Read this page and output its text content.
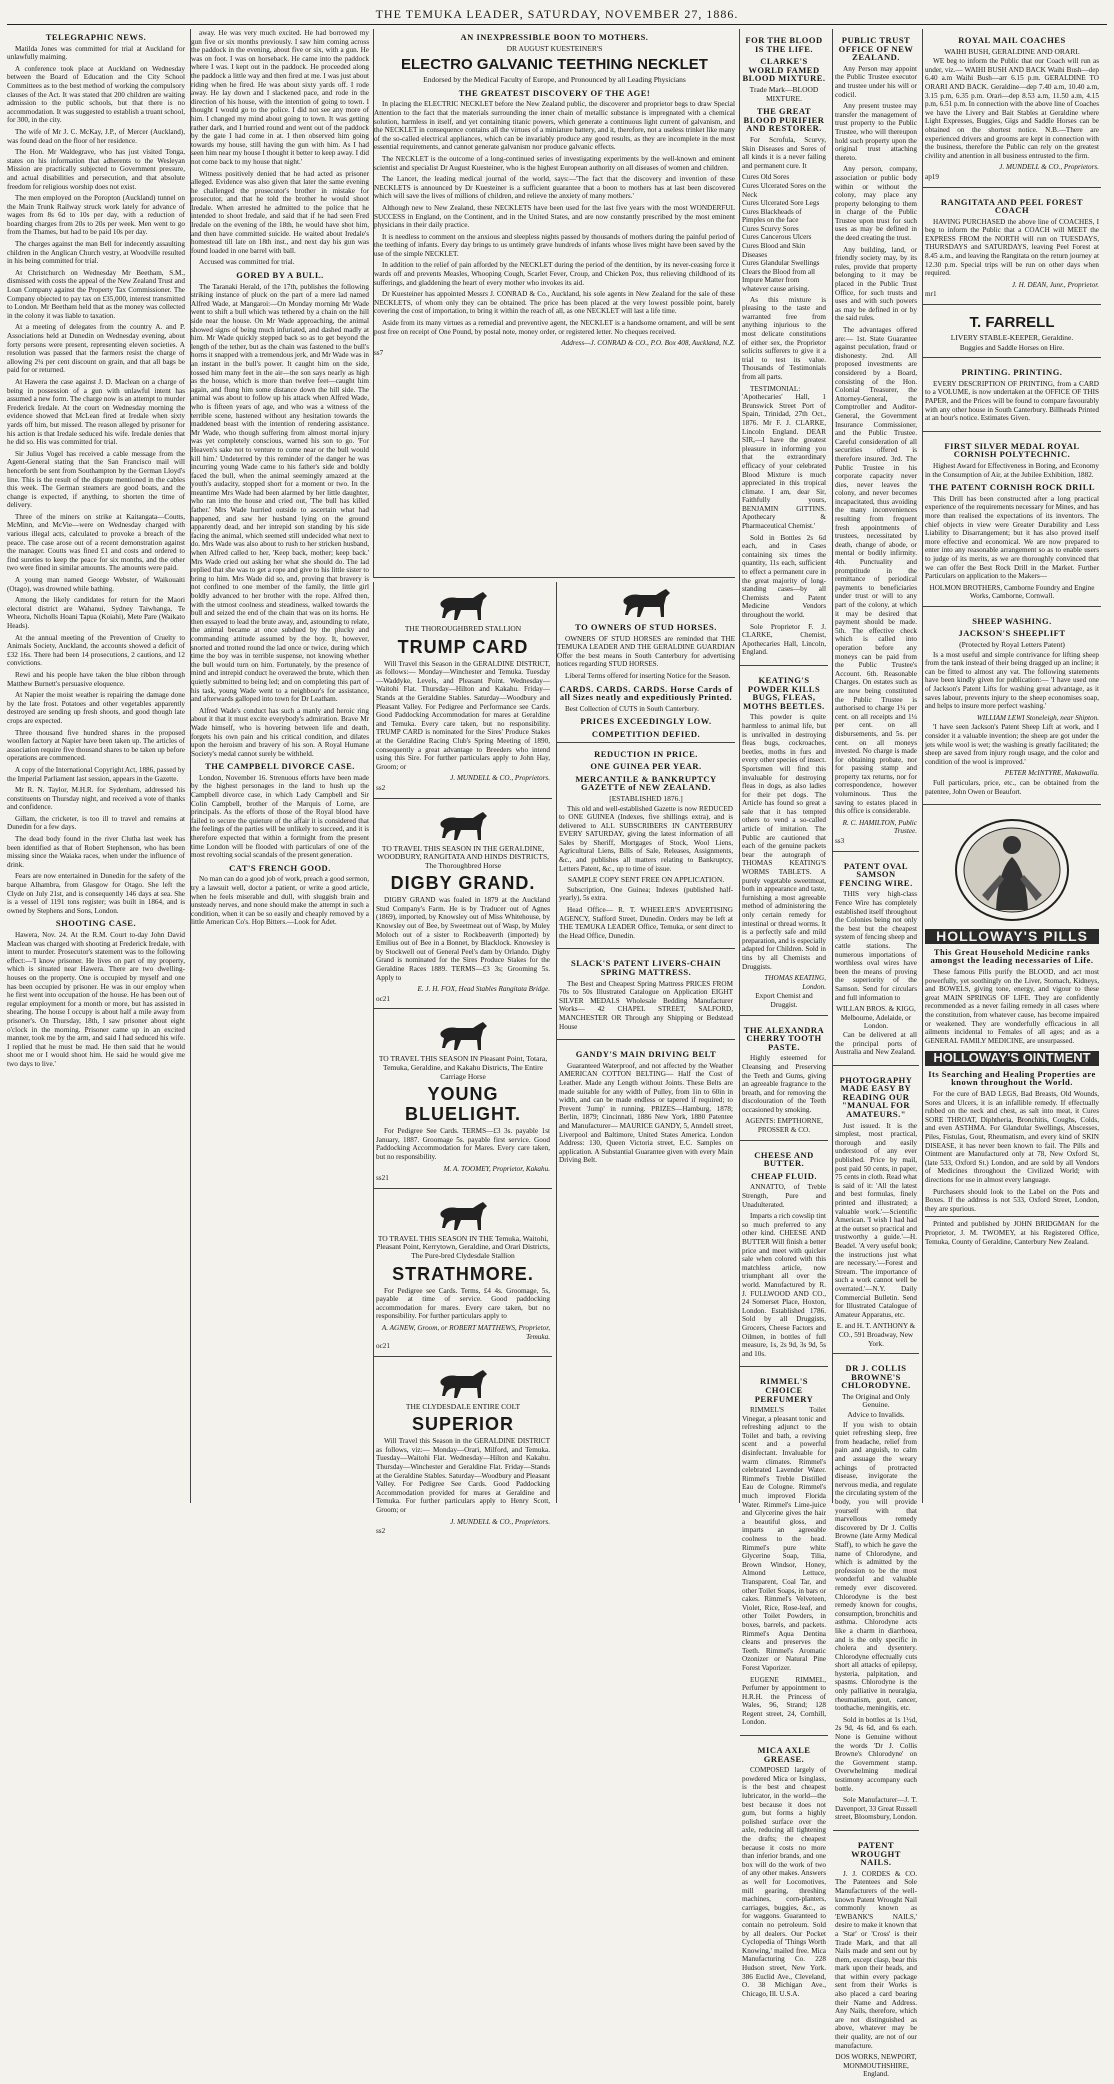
THE TEMUKA LEADER, SATURDAY, NOVEMBER 27, 1886.
TELEGRAPHIC NEWS.

Matilda Jones was committed for trial at Auckland for unlawfully maiming.

A conference took place at Auckland on Wednesday between the Board of Education and the City School Committees as to the best method of working the compulsory clauses of the Act. It was stated that 200 children are waiting admission to the public schools, but that there is no accommodation. It was suggested to establish a truant school, for 300, in the city.

The wife of Mr J. C. McKay, J.P., of Mercer (Auckland), was found dead on the floor of her residence.

The Hon. Mr Waldegrave, who has just visited Tonga, states on his information that adherents to the Wesleyan Mission are practically subjected to Government pressure, and actual disabilities and persecution, and that absolute freedom for religious worship does not exist.

The men employed on the Poropton (Auckland) tunnel on the Main Trunk Railway struck work lately for advance of wages from 8s 6d to 10s per day, with a reduction of boarding charges from 20s to 20s per week. Men went to go from the Thames, but had to be paid 10s per day.

The charges against the man Bell for indecently assaulting children in the Anglican Church vestry, at Woodville resulted in his being committed for trial.

At Christchurch on Wednesday Mr Beetham, S.M., dismissed with costs the appeal of the New Zealand Trust and Loan Company against the Property Tax Commissioner. The Company objected to pay tax on £35,000, interest transmitted to London. Mr Beetham held that as the money was collected in the colony it was liable to taxation.

At a meeting of delegates from the country A. and P. Associations held at Dunedin on Wednesday evening, about forty persons were present, representing eleven societies. A resolution was passed that the farmers resist the charge of allowing 2¼ per cent discount on grain, and that all bags be paid for or returned.

At Hawera the case against J. D. Maclean on a charge of being in possession of a gun with unlawful intent has assumed a new form. The charge now is an attempt to murder Frederick Iredale. At the court on Wednesday morning the evidence showed that McLean fired at Iredale when sixty yards off him, but missed. The reason alleged by prisoner for his action is that Iredale seduced his wife. Iredale denies that he did so. His was committed for trial.

Sir Julius Vogel has received a cable message from the Agent-General stating that the San Francisco mail will henceforth be sent from Southampton by the German Lloyd's line. This is the result of the dispute mentioned in the cables this week. The German steamers are good boats, and the change is expected, if anything, to shorten the time of delivery.

Three of the miners on strike at Kaitangata—Coutts, McMinn, and McVie—were on Wednesday charged with various illegal acts, calculated to provoke a breach of the peace. The case arose out of a recent demonstration against the manager. Coutts was fined £1 and costs and ordered to find sureties to keep the peace for six months, and the other two were fined in similar amounts. The amounts were paid.

A young man named George Webster, of Waikouaiti (Otago), was drowned while bathing.

Among the likely candidates for return for the Maori electoral district are Wahanui, Sydney Taiwhanga, Te Wheora, Nicholls Hoani Tapua (Koiahi), Mete Pare (Waikato Heads).

At the annual meeting of the Prevention of Cruelty to Animals Society, Auckland, the accounts showed a deficit of £32 16s. There had been 14 prosecutions, 2 cautions, and 12 convictions.

Rewi and his people have taken the blue ribbon through Matthew Burnett's persuasive eloquence.

At Napier the moist weather is repairing the damage done by the late frost. Potatoes and other vegetables apparently destroyed are sending up fresh shoots, and good though late crops are expected.

Three thousand five hundred shares in the proposed woollen factory at Napier have been taken up. The articles of association require five thousand shares to be taken up before operations are commenced.

A copy of the International Copyright Act, 1886, passed by the Imperial Parliament last session, appears in the Gazette.

Mr R. N. Taylor, M.H.R. for Sydenham, addressed his constituents on Thursday night, and received a vote of thanks and confidence.

Gillam, the cricketer, is too ill to travel and remains at Dunedin for a few days.

The dead body found in the river Clutha last week has been identified as that of Robert Stephenson, who has been missing since the Waiaka races, when under the influence of drink.

Fears are now entertained in Dunedin for the safety of the barque Alhambra, from Glasgow for Otago. She left the Clyde on July 21st, and is consequently 146 days at sea. She is a vessel of 1191 tons register; was built in 1864, and is owned by Stephens and Sons, London.

SHOOTING CASE.

Hawera, Nov. 24. At the R.M. Court to-day John David Maclean was charged with shooting at Frederick Iredale, with intent to murder. Prosecutor's statement was to the following effect:—'I know prisoner. He lives on part of my property, which is situated near Hawera. There are two dwelling-houses on the property. One is occupied by myself and one has been occupied by prisoner. He was in our employ when he first went into occupation of the house. He has been out of regular employment for a month or more, but has assisted in shearing. The house I occupy is about half a mile away from prisoner's. On Thursday, 18th, I saw prisoner about eight o'clock in the morning. Prisoner came up in an excited manner, took me by the arm, and said I had seduced his wife. I replied that he must be mad. He then said that he would shoot me or I would shoot him. He said he would give me two days to live.'

away. He was very much excited. He had borrowed my gun five or six months previously. I saw him coming across the paddock in the evening, about five or six, with a gun. He was on foot. I was on horseback. He came into the paddock where I was. I kept out in the paddock. He proceeded along the paddock a little way and then fired at me. I was just about riding when he fired. He was about sixty yards off. I rode away. He lay down and I slackened pace, and rode in the direction of his house, with the intention of going to town. I thought I would go to the police. I did not see any more of him. I changed my mind about going to town. It was getting rather dark, and I hurried round and went out of the paddock by the gate I had come in at. I then observed him going towards my house, still having the gun with him. As I had seen him near my house I thought it better to keep away. I did not come back to my house that night.'

Witness positively denied that he had acted as prisoner alleged. Evidence was also given that later the same evening he challenged the prosecutor's brother in mistake for prosecutor, and that he told the brother he would shoot Iredale. When arrested he admitted to the police that he intended to shoot Iredale, and said that if he had seen Fred Iredale on the evening of the 18th, he would have shot him, and then have committed suicide. He waited about Iredale's homestead till late on 18th inst., and next day his gun was found loaded in one barrel with ball.

Accused was committed for trial.

GORED BY A BULL.

The Taranaki Herald, of the 17th, publishes the following striking instance of pluck on the part of a mere lad named Alfred Wade, at Mangaroi:—On Monday morning Mr Wade went to shift a bull which was tethered by a chain on the hill side near the house. On Mr Wade approaching, the animal showed signs of being much infuriated, and dashed madly at him. Mr Wade quickly stepped back so as to get beyond the length of the tether, but as the chain was fastened to the bull's horns it snapped with a tremendous jerk, and Mr Wade was in an instant in the bull's power. It caught him on the side, tossed him many feet in the air—the son says nearly as high as the house, which is more than twelve feet—caught him again, and flung him some distance down the hill side. The animal was about to follow up his attack when Alfred Wade, who is fifteen years of age, and who was a witness of the terrible scene, hastened without any hesitation towards the maddened beast with the intention of rendering assistance. Mr Wade, who though suffering from almost mortal injury was yet completely conscious, warned his son to go. 'For Heaven's sake not to venture to come near or the bull would kill him.' Undeterred by this reminder of the danger he was incurring young Wade came to his father's side and boldly faced the bull, when the animal seemingly amazed at the youth's audacity, stopped short for a moment or two. In the meantime Mrs Wade had been alarmed by her little daughter, who ran into the house and cried out, 'The bull has killed father.' Mrs Wade hurried outside to ascertain what had happened, and saw her husband lying on the ground apparently dead, and her intrepid son standing by his side facing the animal, which seemed still undecided what next to do. Mrs Wade was also about to rush to her stricken husband, when Alfred called to her, 'Keep back, mother; keep back.' Mrs Wade cried out asking her what she should do. The lad replied that she was to get a rope and give to his little sister to bring to him. Mrs Wade did so, and, proving that bravery is not confined to one member of the family, the little girl boldly advanced to her brother with the rope. Alfred then, with the utmost coolness and steadiness, walked towards the bull and seized the end of the chain that was on its horns. He then essayed to lead the brute away, and, astounding to relate, the animal became at once subdued by the plucky and commanding attitude assumed by the boy. It, however, snorted and trotted round the lad once or twice, during which time the boy was in terrible suspense, not knowing whether the bull would turn on him. Fortunately, by the presence of mind and intrepid conduct he overawed the brute, which then quietly submitted to being led; and on completing this part of his task, young Wade went to a neighbour's for assistance, and afterwards galloped into town for Dr Leatham.

Alfred Wade's conduct has such a manly and heroic ring about it that it must excite everybody's admiration. Brave Mr Wade himself, who is hovering between life and death, forgets his own pain and his critical condition, and dilates upon the heroism and bravery of his son. A Royal Humane Society's medal cannot surely be withheld.

THE CAMPBELL DIVORCE CASE.

London, November 16. Strenuous efforts have been made by the highest personages in the land to hush up the Campbell divorce case, in which Lady Campbell and Sir Colin Campbell, brother of the Marquis of Lorne, are principals. As the efforts of those of the Royal blood have failed to secure the quieture of the affair it is considered that the feelings of the parties will be unlikely to succeed, and it is therefore expected that within a fortnight from the present time London will be flooded with particulars of one of the most revolting social scandals of the present generation.

CAT'S FRENCH GOOD.

No man can do a good job of work, preach a good sermon, try a lawsuit well, doctor a patient, or write a good article, when he feels miserable and dull, with sluggish brain and unsteady nerves, and none should make the attempt in such a condition, when it can be so easily and cheaply removed by a little American Co's. Hop Bitters.—Look for Adet.

AN INEXPRESSIBLE BOON TO MOTHERS.
DR AUGUST KUESTEINER'S
ELECTRO GALVANIC TEETHING NECKLET
Endorsed by the Medical Faculty of Europe, and Pronounced by all Leading Physicians
THE GREATEST DISCOVERY OF THE AGE!

In placing the ELECTRIC NECKLET before the New Zealand public, the discoverer and proprietor begs to draw Special Attention to the fact that the materials surrounding the inner chain of metallic substance is impregnated with a chemical solution, harmless in itself, and yet containing titanic powers, which generate a continuous light current of galvanism, and the NECKLET in consequence contains all the virtues of a miniature battery, and it, therefore, not a useless trinket like many of the so-called electrical appliances, which can be invariably produce any good results, as they are incomplete in the most essential requirements, and cannot generate galvanism nor produce galvanic effects.

The NECKLET is the outcome of a long-continued series of investigating experiments by the well-known and eminent scientist and specialist Dr August Kuesteiner, who is the highest European authority on all diseases of women and children.

The Lancet, the leading medical journal of the world, says:—'The fact that the discovery and invention of these NECKLETS is announced by Dr Kuesteiner is a sufficient guarantee that a boon to mothers has at last been discovered which will save the lives of millions of children, and relieve the anxiety of many mothers.'

Although new to New Zealand, these NECKLETS have been used for the last five years with the most WONDERFUL SUCCESS in England, on the Continent, and in the United States, and are now constantly prescribed by the most eminent physicians in their daily practice.

It is needless to comment on the anxious and sleepless nights passed by thousands of mothers during the painful period of the teething of infants. Every day brings to us untimely grave hundreds of infants whose lives might have been saved by the use of the simple NECKLET.

In addition to the relief of pain afforded by the NECKLET during the period of the dentition, by its never-ceasing force it wards off and prevents Measles, Whooping Cough, Scarlet Fever, Croup, and Chicken Pox, thus relieving childhood of its sufferings, and gladdening the heart of every mother who invokes its aid.

Dr Kuesteiner has appointed Messrs J. CONRAD & Co., Auckland, his sole agents in New Zealand for the sale of these NECKLETS, of whom only they can be obtained. The price has been placed at the very lowest possible point, barely covering the cost of importation, to bring it within the reach of all, as one NECKLET will last a life time.

Aside from its many virtues as a remedial and preventive agent, the NECKLET is a handsome ornament, and will be sent post free on receipt of One Pound, by postal note, money order, or registered letter. No cheques received.

Address—J. CONRAD & CO., P.O. Box 408, Auckland, N.Z.
ss7
THE THOROUGHBRED STALLION
TRUMP CARD

Will Travel this Season in the GERALDINE DISTRICT, as follows:— Monday—Winchester and Temuka. Tuesday—Waddyke, Levels, and Pleasant Point. Wednesday—Waitohi Flat. Thursday—Hilton and Kakahu. Friday—Stands at the Geraldine Stables. Saturday—Woodbury and Pleasant Valley. For Pedigree and Performance see Cards. Good Paddocking Accommodation for mares at Geraldine and Temuka. Every care taken, but no responsibility. TRUMP CARD is nominated for the Sires' Produce Stakes at the Geraldine Racing Club's Spring Meeting of 1890, consequently a great advantage to Breeders who intend using this Sire. For further particulars apply to John Hay, Groom; or

J. MUNDELL & CO., Proprietors.
ss2
TO TRAVEL THIS SEASON IN THE GERALDINE, WOODBURY, RANGITATA AND HINDS DISTRICTS, The Thoroughbred Horse
DIGBY GRAND.

DIGBY GRAND was foaled in 1879 at the Auckland Stud Company's Farm. He is by Traducer out of Agnes (1869), imported, by Knowsley out of Miss Whitehouse, by Knowsley out of Bee, by Sweetmeat out of Wasp, by Muley Moloch out of a sister to Rockbeaverth (imported) by Emilius out of Bee in a Bonnet, by Blacklock. Knowsley is by Stockwell out of General Peel's dam by Orlando. Digby Grand is nominated for the Sires Produce Stakes for the Geraldine Races 1889. TERMS—£3 3s; Grooming 5s. Apply to

E. J. H. FOX, Head Stables Rangitata Bridge.
oc21
TO TRAVEL THIS SEASON IN Pleasant Point, Totara, Temuka, Geraldine, and Kakahu Districts, The Entire Carriage Horse
YOUNG BLUELIGHT.

For Pedigree See Cards. TERMS—£3 3s. payable 1st January, 1887. Groomage 5s. payable first service. Good Paddocking Accommodation for Mares. Every care taken, but no responsibility.

M. A. TOOMEY, Proprietor, Kakahu.
ss21
TO TRAVEL THIS SEASON IN THE Temuka, Waitohi, Pleasant Point, Kerrytown, Geraldine, and Orari Districts, The Pure-bred Clydesdale Stallion
STRATHMORE.

For Pedigree see Cards. Terms, £4 4s. Groomage, 5s, payable at time of service. Good paddocking accommodation for mares. Every care taken, but no responsibility. For further particulars apply to

A. AGNEW, Groom, or ROBERT MATTHEWS, Proprietor, Temuka.
oc21
THE CLYDESDALE ENTIRE COLT
SUPERIOR

Will Travel this Season in the GERALDINE DISTRICT as follows, viz:— Monday—Orari, Milford, and Temuka. Tuesday—Waitohi Flat. Wednesday—Hilton and Kakahu. Thursday—Winchester and Geraldine Flat. Friday—Stands at the Geraldine Stables. Saturday—Woodbury and Pleasant Valley. For Pedigree See Cards. Good Paddocking Accommodation provided for mares at Geraldine and Temuka. For further particulars apply to Henry Scott, Groom; or

J. MUNDELL & CO., Proprietors.
ss2
TO OWNERS OF STUD HORSES.

OWNERS OF STUD HORSES are reminded that THE TEMUKA LEADER AND THE GERALDINE GUARDIAN Offer the best means in South Canterbury for advertising notices regarding STUD HORSES.

Liberal Terms offered for inserting Notice for the Season.

CARDS. CARDS. CARDS. Horse Cards of all Sizes neatly and expeditiously Printed.

Best Collection of CUTS in South Canterbury.

PRICES EXCEEDINGLY LOW.
COMPETITION DEFIED.
REDUCTION IN PRICE.
ONE GUINEA PER YEAR.
MERCANTILE & BANKRUPTCY GAZETTE of NEW ZEALAND.
[ESTABLISHED 1876.]

This old and well-established Gazette is now REDUCED to ONE GUINEA (Indexes, five shillings extra), and is delivered to ALL SUBSCRIBERS IN CANTERBURY EVERY SATURDAY, giving the latest information of all Sales by Sheriff, Mortgages of Stock, Wool Liens, Agricultural Liens, Bills of Sale, Releases, Assignments, &c., and publishes all matters relating to Bankruptcy, Letters Patent, &c., up to time of issue.

SAMPLE COPY SENT FREE ON APPLICATION.

Subscription, One Guinea; Indexes (published half-yearly), 5s extra.

Head Office— R. T. WHEELER'S ADVERTISING AGENCY, Stafford Street, Dunedin. Orders may be left at THE TEMUKA LEADER Office, Temuka, or sent direct to the Head Office, Dunedin.

SLACK'S PATENT LIVERS-CHAIN SPRING MATTRESS.

The Best and Cheapest Spring Mattress PRICES FROM 70s to 50s Illustrated Catalogue on Application EIGHT SILVER MEDALS Wholesale Bedding Manufacturer Works— 42 CHAPEL STREET, SALFORD, MANCHESTER OR Through any Shipping or Bedstead House

GANDY'S MAIN DRIVING BELT

Guaranteed Waterproof, and not affected by the Weather AMERICAN COTTON BELTING— Half the Cost of Leather. Made any Length without Joints. These Belts are made suitable for any width of Pulley, from 1in to 60in in width, and can be made endless or tapered if required; to Prevent 'Jump' in running. PRIZES—Hamburg, 1878; Berlin, 1879; Cincinnati, 1886 New York, 1880 Patentee and Manufacturer— MAURICE GANDY, 5, Anndell street, Liverpool and Baltimore, United States America. London Address: 130, Queen Victoria street, E.C. Samples on application. A Substantial Guarantee given with every Main Driving Belt.

FOR THE BLOOD IS THE LIFE.
CLARKE'S WORLD FAMED BLOOD MIXTURE.
Trade Mark—BLOOD MIXTURE.
THE GREAT BLOOD PURIFIER AND RESTORER.

For Scrofula, Scurvy, Skin Diseases and Sores of all kinds it is a never failing and permanent cure. It

Cures Old Sores
Cures Ulcerated Sores on the Neck
Cures Ulcerated Sore Legs
Cures Blackheads of Pimples on the face
Cures Scurvy Sores
Cures Cancerous Ulcers
Cures Blood and Skin Diseases
Cures Glandular Swellings
Clears the Blood from all Impure Matter from whatever cause arising.

As this mixture is pleasing to the taste and warranted free from anything injurious to the most delicate constitutions of either sex, the Proprietor solicits sufferers to give it a trial to test its value. Thousands of Testimonials from all parts.

TESTIMONIAL: 'Apothecaries' Hall, 1 Brunswick Street Port of Spain, Trinidad, 27th Oct., 1876. Mr F. J. CLARKE, Lincoln England. DEAR SIR,—I have the greatest pleasure in informing you that the extraordinary efficacy of your celebrated Blood Mixture is much appreciated in this tropical climate. I am, dear Sir, Faithfully yours, BENJAMIN GITTINS. Apothecary & Pharmaceutical Chemist.'

Sold in Bottles 2s 6d each, and in Cases containing six times the quantity, 11s each, sufficient to effect a permanent cure in the great majority of long-standing cases—by all Chemists and Patent Medicine Vendors throughout the world.

Sole Proprietor F. J. CLARKE, Chemist, Apothecaries Hall, Lincoln, England.

KEATING'S POWDER KILLS BUGS, FLEAS, MOTHS BEETLES.

This powder is quite harmless to animal life, but is unrivalled in destroying fleas bugs, cockroaches, beetles, moths in furs and every other species of insect. Sportsmen will find this invaluable for destroying fleas in dogs, as also ladies for their pet dogs. The Article has found so great a sale that it has tempted others to vend a so-called article of imitation. The Public are cautioned that each of the genuine packets bear the autograph of THOMAS KEATING'S WORMS TABLETS. A purely vegetable sweetmeat, both in appearance and taste, furnishing a most agreeable method of administering the only certain remedy for intestinal or thread worms. It is a perfectly safe and mild preparation, and is especially adapted for Children. Sold in tins by all Chemists and Druggists.

THOMAS KEATING, London.
Export Chemist and Druggist.
THE ALEXANDRA CHERRY TOOTH PASTE.

Highly esteemed for Cleansing and Preserving the Teeth and Gums, giving an agreeable fragrance to the breath, and for removing the discolouration of the Teeth occasioned by smoking.

AGENTS: EMPTHORNE, PROSSER & CO.
CHEESE AND BUTTER.
CHEAP FLUID.

ANNATTO, of Treble Strength, Pure and Unadulterated.

Imparts a rich cowslip tint so much preferred to any other kind. CHEESE AND BUTTER Will finish a better price and meet with quicker sale when colored with this matchless article, now triumphant all over the world. Manufactured by R. J. FULLWOOD AND CO., 24 Somerset Place, Hoxton, London. Established 1786. Sold by all Druggists, Grocers, Cheese Factors and Oilmen, in bottles of full measure, 1s, 2s 9d, 3s 9d, 5s and 10s.

RIMMEL'S CHOICE PERFUMERY

RIMMEL'S Toilet Vinegar, a pleasant tonic and refreshing adjunct to the Toilet and bath, a reviving scent and a powerful disinfectant. Invaluable for warm climates. Rimmel's celebrated Lavender Water. Rimmel's Treble Distilled Eau de Cologne. Rimmel's much improved Florida Water. Rimmel's Lime-juice and Glycerine gives the hair a beautiful gloss, and imparts an agreeable coolness to the head. Rimmel's pure white Glycerine Soap, Tilia, Brown Windsor, Honey, Almond Lettuce, Transparent, Coal Tar, and other Toilet Soaps, in bars or cakes. Rimmel's Velveteen, Violet, Rice, Rose-leaf, and other Toilet Powders, in boxes, barrels, and packets. Rimmel's Aqua Dentina cleans and preserves the Teeth. Rimmel's Aromatic Ozonizer or Natural Pine Forest Vaporizer.

EUGENE RIMMEL, Perfumer by appointment to H.R.H. the Princess of Wales, 96, Strand; 128 Regent street, 24, Cornhill, London.

MICA AXLE GREASE.

COMPOSED largely of powdered Mica or Isinglass, is the best and cheapest lubricator, in the world—the best because it does not gum, but forms a highly polished surface over the axle, reducing all tightening the drafts; the cheapest because it costs no more than inferior brands, and one box will do the work of two of any other makes. Answers as well for Locomotives, mill gearing, threshing machines, corn-planters, carriages, buggies, &c., as for waggons. Guaranteed to contain no petroleum. Sold by all dealers. Our Pocket Cyclopedia of 'Things Worth Knowing,' mailed free. Mica Manufacturing Co. 228 Hudson street, New York. 386 Euclid Ave., Cleveland, O. 38 Michigan Ave., Chicago, Ill. U.S.A.

ROYAL MAIL COACHES
WAIHI BUSH, GERALDINE AND ORARI.

WE beg to inform the Public that our Coach will run as under, viz.— WAIHI BUSH AND BACK Waihi Bush—dep 6.40 a.m Waihi Bush—arr 6.15 p.m. GERALDINE TO ORARI AND BACK. Geraldine—dep 7.40 a.m, 10.40 a.m, 3.15 p.m, 6.35 p.m. Orari—dep 8.53 a.m, 11.50 a.m, 4.15 p.m, 6.51 p.m. In connection with the above line of Coaches we have the Livery and Bait Stables at Geraldine where Light Expresses, Buggies, Gigs and Saddle Horses can be obtained on the shortest notice. N.B.—There are experienced drivers and grooms are kept in connection with the business, therefore the Public can rely on the greatest civility and attention in all business entrusted to the firm.

J. MUNDELL & CO., Proprietors.
ap19
RANGITATA AND PEEL FOREST COACH

HAVING PURCHASED the above line of COACHES, I beg to inform the Public that a COACH will MEET the EXPRESS FROM the NORTH will run on TUESDAYS, THURSDAYS and SATURDAYS, leaving Peel Forest at 8.45 a.m., and leaving the Rangitata on the return journey at 12.30 p.m. Special trips will be run on other days when required.

J. H. DEAN, Junr., Proprietor.
mr1
T. FARRELL
LIVERY STABLE-KEEPER, Geraldine.
Buggies and Saddle Horses on Hire.
PRINTING. PRINTING.

EVERY DESCRIPTION OF PRINTING, from a CARD to a VOLUME, is now undertaken at the OFFICE OF THIS PAPER, and the Prices will be found to compare favourably with any other house in South Canterbury. Billheads Printed at an hour's notice. Estimates Given.

FIRST SILVER MEDAL ROYAL CORNISH POLYTECHNIC.

Highest Award for Effectiveness in Boring, and Economy in the Consumption of Air, at the Jubilee Exhibition, 1882.

THE PATENT CORNISH ROCK DRILL

This Drill has been constructed after a long practical experience of the requirements necessary for Mines, and has more than realised the expectations of its inventors. The chief objects in view were Greater Durability and Less Liability to Disarrangement; but it has also proved itself more effective and economical. We are now prepared to enter into any reasonable arrangement so as to enable users to judge of its merits, as we are thoroughly convinced that we can offer the Best Rock Drill in the Market. Further Particulars on application to the Makers—

HOLMON BROTHERS, Camborne Foundry and Engine Works, Camborne, Cornwall.
SHEEP WASHING.
JACKSON'S SHEEPLIFT
(Protected by Royal Letters Patent)

Is a most useful and simple contrivance for lifting sheep from the tank instead of their being dragged up an incline; it can be fitted to almost any vat. The following statements have been kindly given for publication:— 'I have used one of Jackson's Patent Lifts for washing great advantage, as it saves labour, prevents injury to the sheep economises soap, and helps to insure more perfect washing.'

WILLIAM LEWI Stoneleigh, near Shipton.

'I have seen Jackson's Patent Sheep Lift at work, and I consider it a valuable invention; the sheep are got under the jets while wool is wet; the washing is greatly facilitated; the sheep are saved from injury rough usage, and the color and condition of the wool is improved.'

PETER McINTYRE, Makawalla.

Full particulars, price, etc., can be obtained from the patentee, John Owen or Beaufort.

HOLLOWAY'S PILLS
This Great Household Medicine ranks amongst the leading necessaries of Life.

These famous Pills purify the BLOOD, and act most powerfully, yet soothingly on the Liver, Stomach, Kidneys, and BOWELS, giving tone, energy, and vigour to these great MAIN SPRINGS OF LIFE. They are confidently recommended as a never failing remedy in all cases where the constitution, from whatever cause, has become impaired or weakened. They are wonderfully efficacious in all ailments incidental to Females of all ages; and as a GENERAL FAMILY MEDICINE, are unsurpassed.

HOLLOWAY'S OINTMENT
Its Searching and Healing Properties are known throughout the World.

For the cure of BAD LEGS, Bad Breasts, Old Wounds, Sores and Ulcers, it is an infallible remedy. If effectually rubbed on the neck and chest, as salt into meat, it Cures SORE THROAT, Diphtheria, Bronchitis, Coughs, Colds, and even ASTHMA. For Glandular Swellings, Abscesses, Piles, Fistulas, Gout, Rheumatism, and every kind of SKIN DISEASE, it has never been known to fail. The Pills and Ointment are Manufactured only at 78, New Oxford St, (late 533, Oxford St.) London, and are sold by all Vendors of Medicines throughout the Civilized World; with directions for use in almost every language.

Purchasers should look to the Label on the Pots and Boxes. If the address is not 533, Oxford Street, London, they are spurious.

Printed and published by JOHN BRIDGMAN for the Proprietor, J. M. TWOMEY, at his Registered Office, Temuka, County of Geraldine, Canterbury New Zealand.

PUBLIC TRUST OFFICE OF NEW ZEALAND.

Any Person may appoint the Public Trustee executor and trustee under his will or codicil.

Any present trustee may transfer the management of trust property to the Public Trustee, who will thereupon hold such property upon the original trust attaching thereto.

Any person, company, association or public body within or without the colony, may place any property belonging to them in charge of the Public Trustee upon trust for such uses as may be defined in the deed creating the trust.

Any building, land, or friendly society may, by its rules, provide that property belonging to it may be placed in the Public Trust Office, for such trusts and uses and with such powers as may be defined in or by the said rules.

The advantages offered are:— 1st. State Guarantee against peculation, fraud or dishonesty. 2nd. All proposed investments are considered by a Board, consisting of the Hon. Colonial Treasurer, the Attorney-General, the Comptroller and Auditor-General, the Government Insurance Commissioner, and the Public Trustee. Careful consideration of all securities offered is therefore insured. 3rd. The Public Trustee in his corporate capacity never dies, never leaves the colony, and never becomes incapacitated, thus avoiding the many inconveniences resulting from frequent fresh appointments of trustees, necessitated by death, change of abode, or mental or bodily infirmity. 4th. Punctuality and promptitude in the remittance of periodical payments to beneficiaries under trust or will to any part of the colony, at which it may be desired that payment should be made. 5th. The effective check which is called into operation before any moneys can be paid from the Public Trustee's Account. 6th. Reasonable Charges. On estates such as are now being constituted the Public Trustee is authorised to charge 1¼ per cent. on all receipts and 1¼ per cent. on all disbursements, and 5s. per cent. on all moneys invested. No charge is made for obtaining probate, nor for passing stamp and property tax returns, nor for correspondence, however voluminous. Thus the saving to estates placed in this office is considerable.

R. C. HAMILTON, Public Trustee.
ss3
PATENT OVAL SAMSON FENCING WIRE.

THIS very high-class Fence Wire has completely established itself throughout the Colonies being not only the best but the cheapest system of fencing sheep and cattle stations. The numerous importations of worthless oval wires have been the means of proving the superiority of the Samson. Send for circulars and full information to

WILLAN BROS. & KIGG, Melbourne, Adelaide, or London.

Can be delivered at all the principal ports of Australia and New Zealand.

PHOTOGRAPHY MADE EASY BY READING OUR "MANUAL FOR AMATEURS."

Just issued. It is the simplest, most practical, thorough and easily understood of any ever published. Price by mail, post paid 50 cents, in paper, 75 cents in cloth. Read what is said of it: 'All the latest and best formulas, finely printed and illustrated; a valuable work.'—Scientific American. 'I wish I had had at the outset so practical and trustworthy a guide.'—H. Beadel. 'A very useful book; the instructions just what are necessary.'—Forest and Stream. 'The importance of such a work cannot well be overrated.'—N.Y. Daily Commercial Bulletin. Send for Illustrated Catalogue of Amateur Apparatus, etc.

E. and H. T. ANTHONY & CO., 591 Broadway, New York.
DR J. COLLIS BROWNE'S CHLORODYNE.
The Original and Only Genuine.
Advice to Invalids.

If you wish to obtain quiet refreshing sleep, free from headache, relief from pain and anguish, to calm and assuage the weary achings of protracted disease, invigorate the nervous media, and regulate the circulating system of the body, you will provide yourself with that marvellous remedy discovered by Dr J. Collis Browne (late Army Medical Staff), to which he gave the name of Chlorodyne, and which is admitted by the profession to be the most wonderful and valuable remedy ever discovered. Chlorodyne is the best remedy known for coughs, consumption, bronchitis and asthma. Chlorodyne acts like a charm in diarrhoea, and is the only specific in cholera and dysentery. Chlorodyne effectually cuts short all attacks of epilepsy, hysteria, palpitation, and spasms. Chlorodyne is the only palliative in neuralgia, rheumatism, gout, cancer, toothache, meningitis, etc.

Sold in bottles at 1s 1½d, 2s 9d, 4s 6d, and 6s each. None is Genuine without the words 'Dr J. Collis Browne's Chlorodyne' on the Government stamp. Overwhelming medical testimony accompany each bottle.

Sole Manufacturer—J. T. Davenport, 33 Great Russell street, Bloomsbury, London.

PATENT WROUGHT NAILS.

J. J. CORDES & CO. The Patentees and Sole Manufacturers of the well-known Patent Wrought Nail commonly known as 'EWBANK'S NAILS,' desire to make it known that a 'Star' or 'Cross' is their Trade Mark, and that all Nails made and sent out by them, except clasp, bear this mark upon their heads, and that within every package sent from their Works is also placed a card bearing their Name and Address. Any Nails, therefore, which are not distinguished as above, whatever may be their quality, are not of our manufacture.

DOS WORKS, NEWPORT, MONMOUTHSHIRE, England.
